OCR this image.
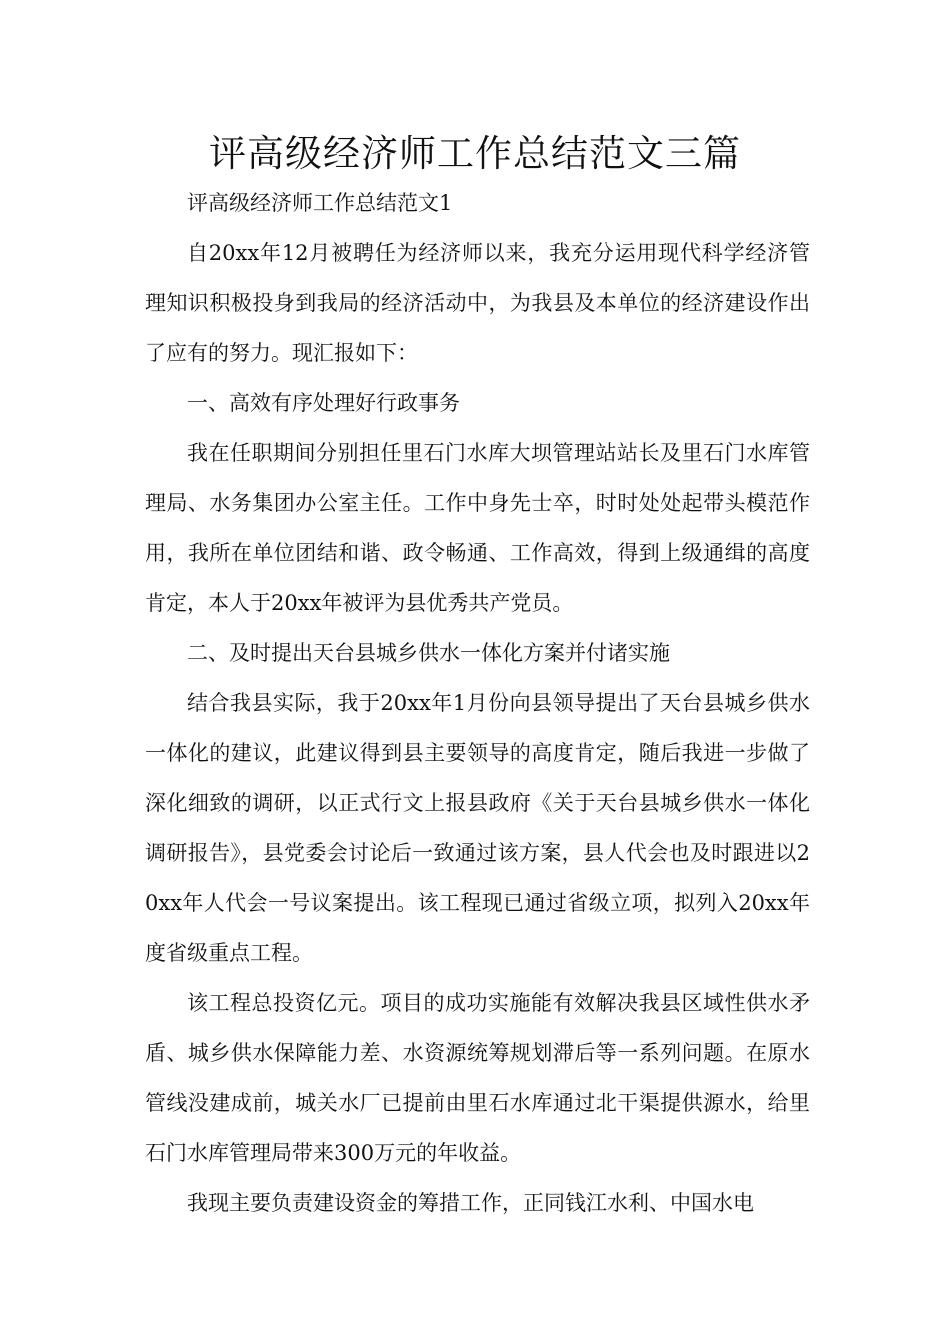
评高级经济师工作总结范文三篇

评高级经济师工作总结范文1

自20xx年12月被聘任为经济师以来，我充分运用现代科学经济管理知识积极投身到我局的经济活动中，为我县及本单位的经济建设作出了应有的努力。现汇报如下：

一、高效有序处理好行政事务

我在任职期间分别担任里石门水库大坝管理站站长及里石门水库管理局、水务集团办公室主任。工作中身先士卒，时时处处起带头模范作用，我所在单位团结和谐、政令畅通、工作高效，得到上级通缉的高度肯定，本人于20xx年被评为县优秀共产党员。

二、及时提出天台县城乡供水一体化方案并付诸实施

结合我县实际，我于20xx年1月份向县领导提出了天台县城乡供水一体化的建议，此建议得到县主要领导的高度肯定，随后我进一步做了深化细致的调研，以正式行文上报县政府《关于天台县城乡供水一体化调研报告》，县党委会讨论后一致通过该方案，县人代会也及时跟进以20xx年人代会一号议案提出。该工程现已通过省级立项，拟列入20xx年度省级重点工程。

该工程总投资亿元。项目的成功实施能有效解决我县区域性供水矛盾、城乡供水保障能力差、水资源统筹规划滞后等一系列问题。在原水管线没建成前，城关水厂已提前由里石水库通过北干渠提供源水，给里石门水库管理局带来300万元的年收益。

我现主要负责建设资金的筹措工作，正同钱江水利、中国水电
